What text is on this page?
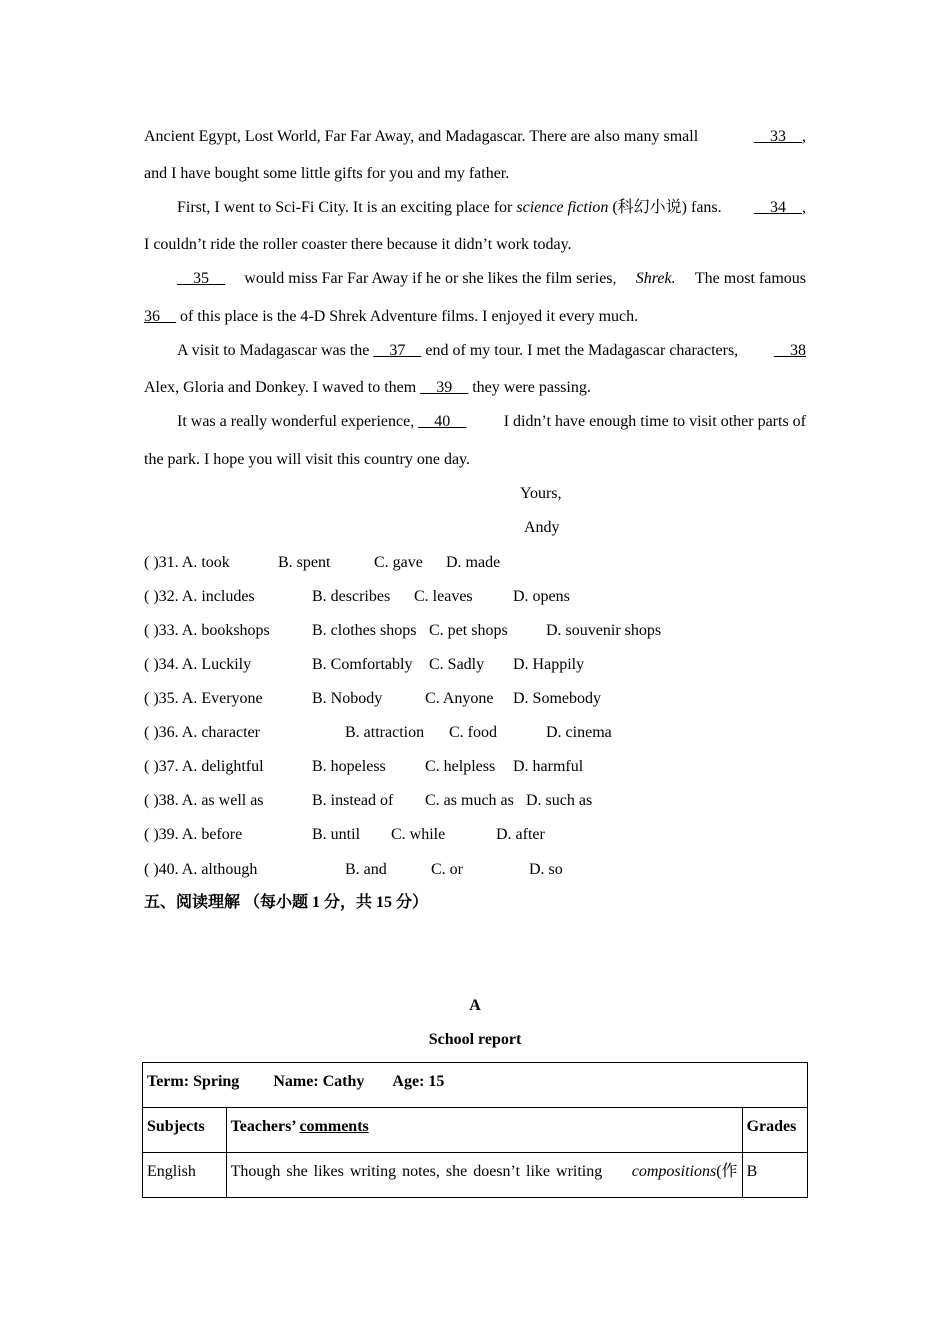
Ancient Egypt, Lost World, Far Far Away, and Madagascar. There are also many small	__33__,
and I have bought some little gifts for you and my father.
First, I went to Sci-Fi City. It is an exciting place for science fiction (科幻小说) fans. __34__,
I couldn’t ride the roller coaster there because it didn’t work today.
__35__ would miss Far Far Away if he or she likes the film series, Shrek. The most famous
36__ of this place is the 4-D Shrek Adventure films. I enjoyed it every much.
A visit to Madagascar was the __37__ end of my tour. I met the Madagascar characters, __38
Alex, Gloria and Donkey. I waved to them __39__ they were passing.
It was a really wonderful experience, __40__ I didn’t have enough time to visit other parts of
the park. I hope you will visit this country one day.
Yours,
Andy
( )31. A. took	B. spent	C. gave D. made
( )32. A. includes	B. describes C. leaves	D. opens
( )33. A. bookshops	B. clothes shops C. pet shops D. souvenir shops
( )34. A. Luckily	B. Comfortably C. Sadly D. Happily
( )35. A. Everyone	B. Nobody	C. Anyone D. Somebody
( )36. A. character	B. attraction C. food	D. cinema
( )37. A. delightful	B. hopeless C. helpless D. harmful
( )38. A. as well as	B. instead of C. as much as D. such as
( )39. A. before	B. until C. while	D. after
( )40. A. although	B. and	C. or	D. so
五、阅读理解 （每小题 1 分，共 15 分）
A
School report
Term: Spring Name: Cathy Age: 15		
Subjects	Teachers’ comments	Grades
English	Though she likes writing notes, she doesn’t like writing compositions(作	B
